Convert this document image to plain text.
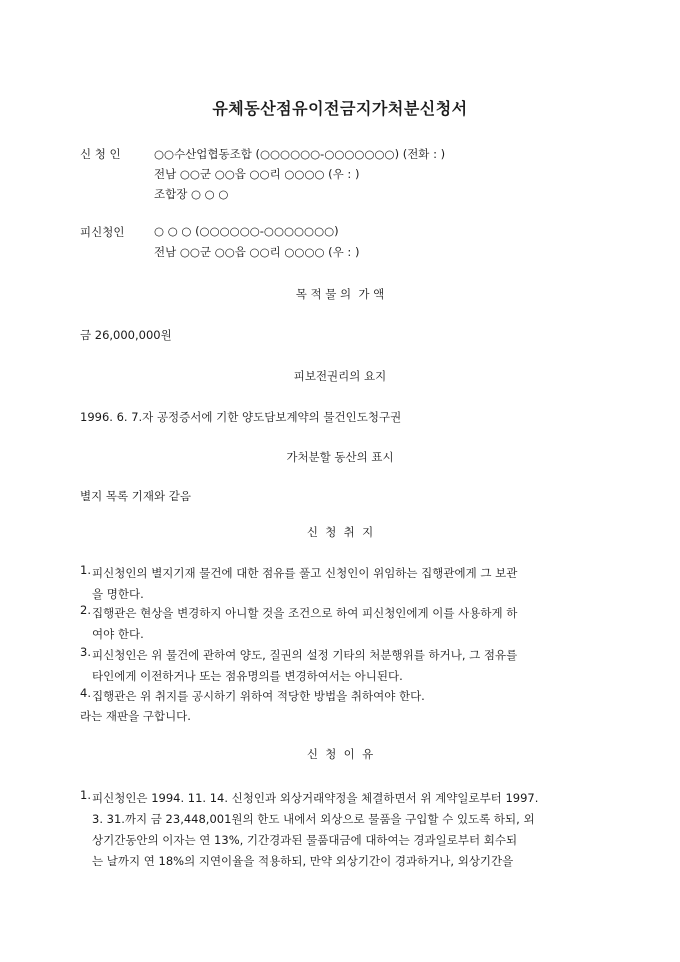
유체동산점유이전금지가처분신청서
신 청 인	○○수산업협동조합 (○○○○○○-○○○○○○○) (전화 : )
전남 ○○군 ○○읍 ○○리 ○○○○ (우 : )
조합장 ○ ○ ○
피신청인	○ ○ ○ (○○○○○○-○○○○○○○)
전남 ○○군 ○○읍 ○○리 ○○○○ (우 : )
목 적 물 의  가 액
금 26,000,000원
피보전권리의 요지
1996. 6. 7.자 공정증서에 기한 양도담보계약의 물건인도청구권
가처분할 동산의 표시
별지 목록 기재와 같음
신  청  취  지
1. 피신청인의 별지기재 물건에 대한 점유를 풀고 신청인이 위임하는 집행관에게 그 보관
을 명한다.
2. 집행관은 현상을 변경하지 아니할 것을 조건으로 하여 피신청인에게 이를 사용하게 하
여야 한다.
3. 피신청인은 위 물건에 관하여 양도, 질권의 설정 기타의 처분행위를 하거나, 그 점유를
타인에게 이전하거나 또는 점유명의를 변경하여서는 아니된다.
4. 집행관은 위 취지를 공시하기 위하여 적당한 방법을 취하여야 한다.
라는 재판을 구합니다.
신  청  이  유
1. 피신청인은 1994. 11. 14. 신청인과 외상거래약정을 체결하면서 위 계약일로부터 1997.
3. 31.까지 금 23,448,001원의 한도 내에서 외상으로 물품을 구입할 수 있도록 하되, 외
상기간동안의 이자는 연 13%, 기간경과된 물품대금에 대하여는 경과일로부터 회수되
는 날까지 연 18%의 지연이율을 적용하되, 만약 외상기간이 경과하거나, 외상기간을
